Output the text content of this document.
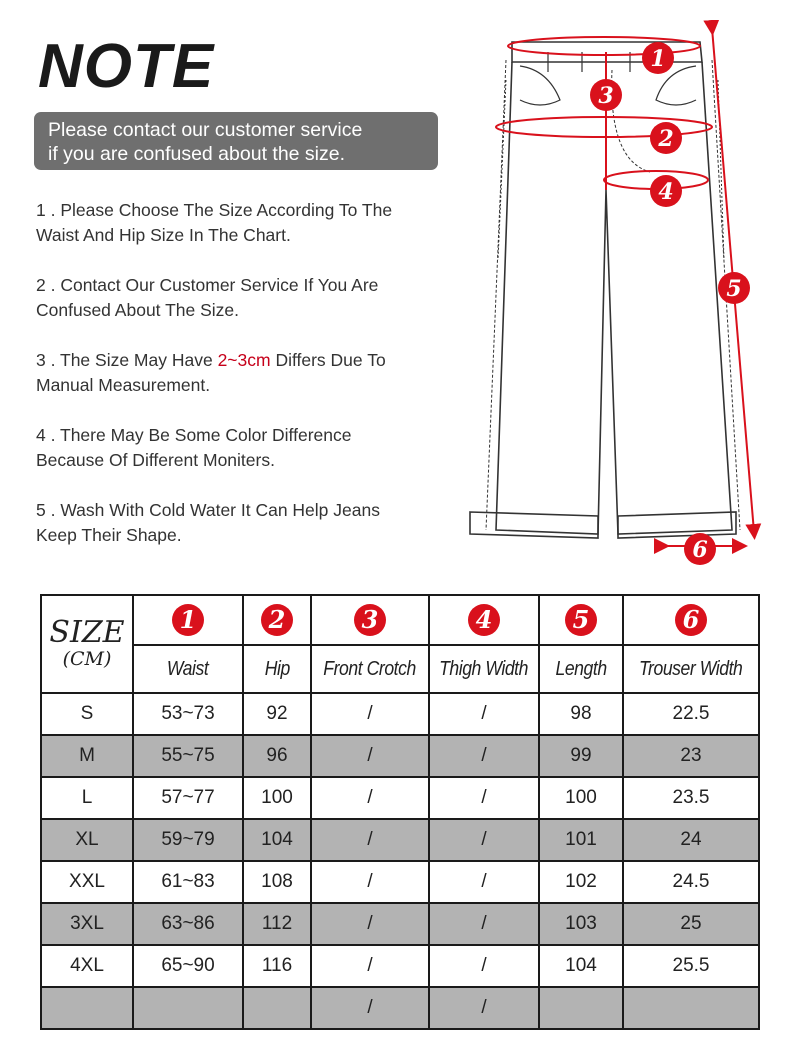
NOTE
Please contact our customer service
if you are confused about the size.
1 . Please Choose The Size According To The
Waist And Hip Size In The Chart.
2 . Contact Our Customer Service If You Are
Confused About The Size.
3 . The Size May Have 2~3cm Differs Due To
Manual Measurement.
4 . There May Be Some Color Difference
Because Of Different Moniters.
5 . Wash With Cold Water It Can Help Jeans
Keep Their Shape.
1
3
2
4
5
6
SIZE
(CM)	1	2	3	4	5	6
	Waist	Hip	Front Crotch	Thigh Width	Length	Trouser Width
S	53~73	92	/	/	98	22.5
M	55~75	96	/	/	99	23
L	57~77	100	/	/	100	23.5
XL	59~79	104	/	/	101	24
XXL	61~83	108	/	/	102	24.5
3XL	63~86	112	/	/	103	25
4XL	65~90	116	/	/	104	25.5
			/	/		
